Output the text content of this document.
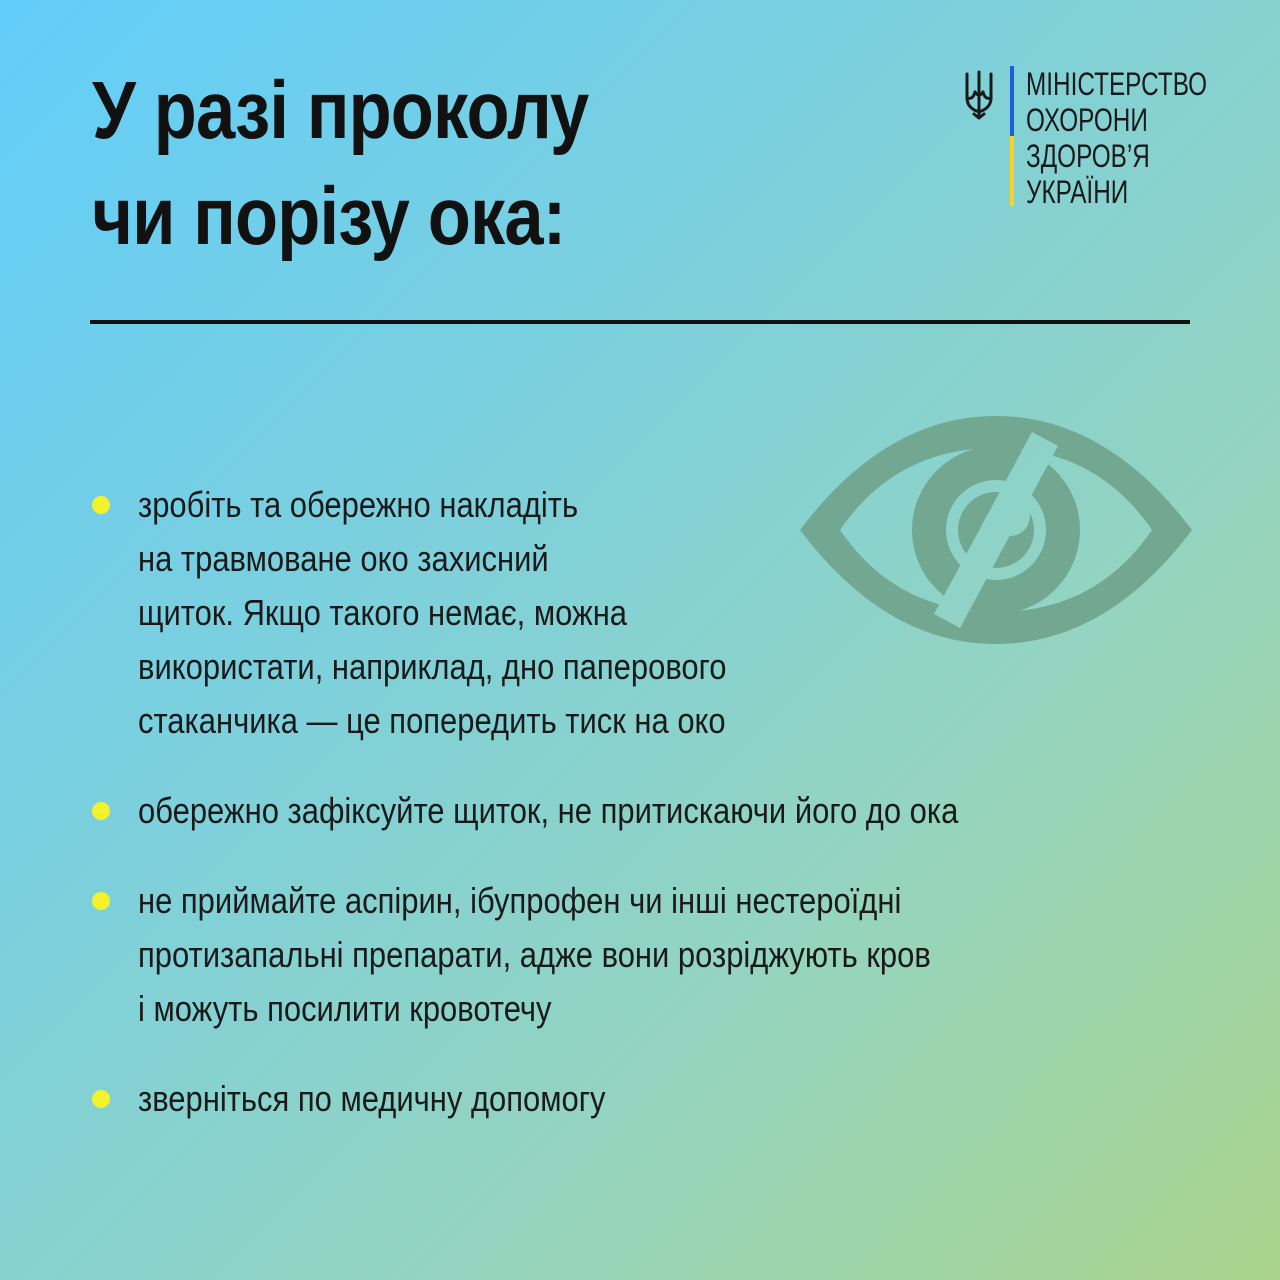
У разі проколу
чи порізу ока:
МІНІСТЕРСТВО
ОХОРОНИ
ЗДОРОВ’Я
УКРАЇНИ
зробіть та обережно накладіть
на травмоване око захисний
щиток. Якщо такого немає, можна
використати, наприклад, дно паперового
стаканчика — це попередить тиск на око
обережно зафіксуйте щиток, не притискаючи його до ока
не приймайте аспірин, ібупрофен чи інші нестероїдні
протизапальні препарати, адже вони розріджують кров
і можуть посилити кровотечу
зверніться по медичну допомогу
